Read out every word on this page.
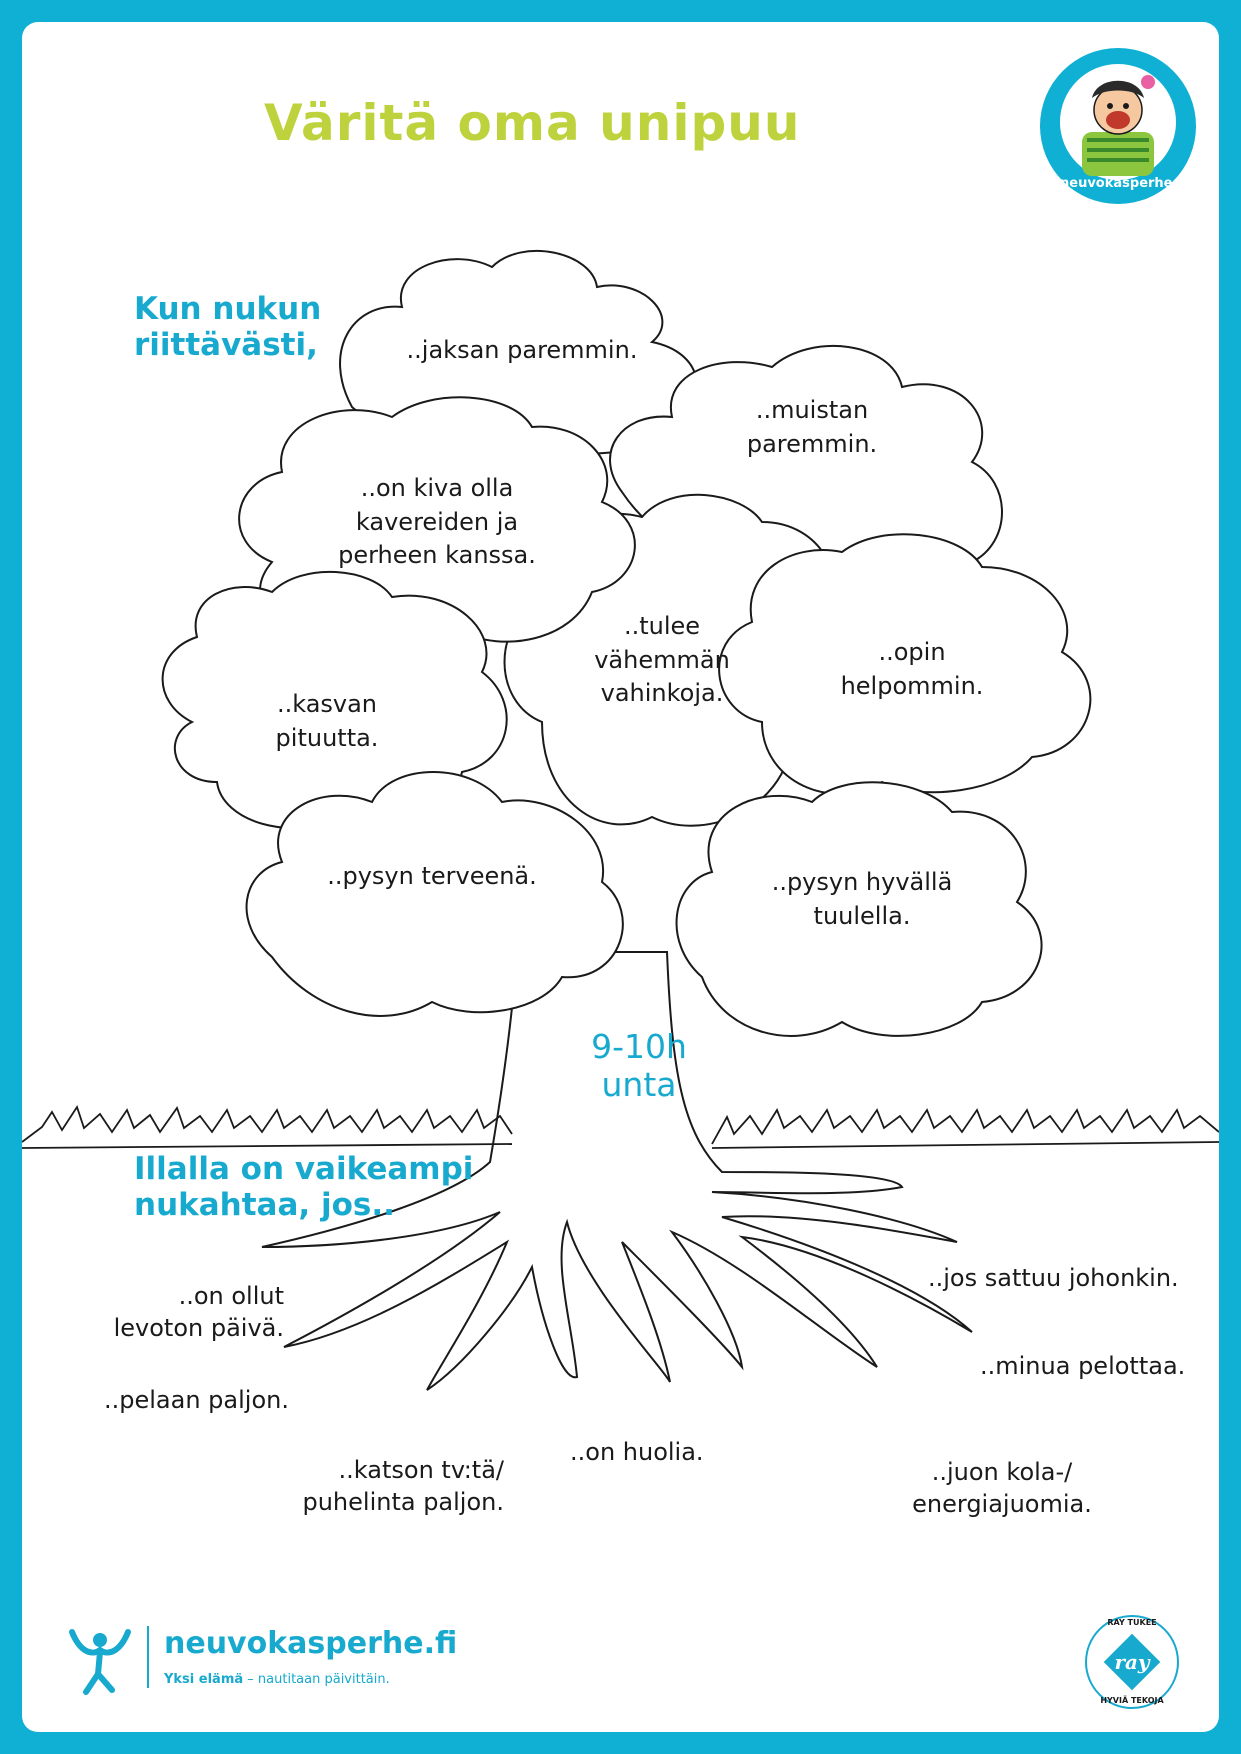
Väritä oma unipuu
neuvokasperhe.fi
Kun nukun
riittävästi,
Illalla on vaikeampi
nukahtaa, jos..
9-10h
unta
..jaksan paremmin.
..muistan
paremmin.
..on kiva olla
kavereiden ja
perheen kanssa.
..tulee
vähemmän
vahinkoja.
..opin
helpommin.
..kasvan
pituutta.
..pysyn terveenä.	..pysyn hyvällä
tuulella.
..on ollut
levoton päivä.
..pelaan paljon.
..katson tv:tä/
puhelinta paljon.
..on huolia.
..jos sattuu johonkin.
..minua pelottaa.
..juon kola-/
energiajuomia.
neuvokasperhe.fi
Yksi elämä – nautitaan päivittäin.
RAY TUKEE
ray
HYVIÄ TEKOJA
